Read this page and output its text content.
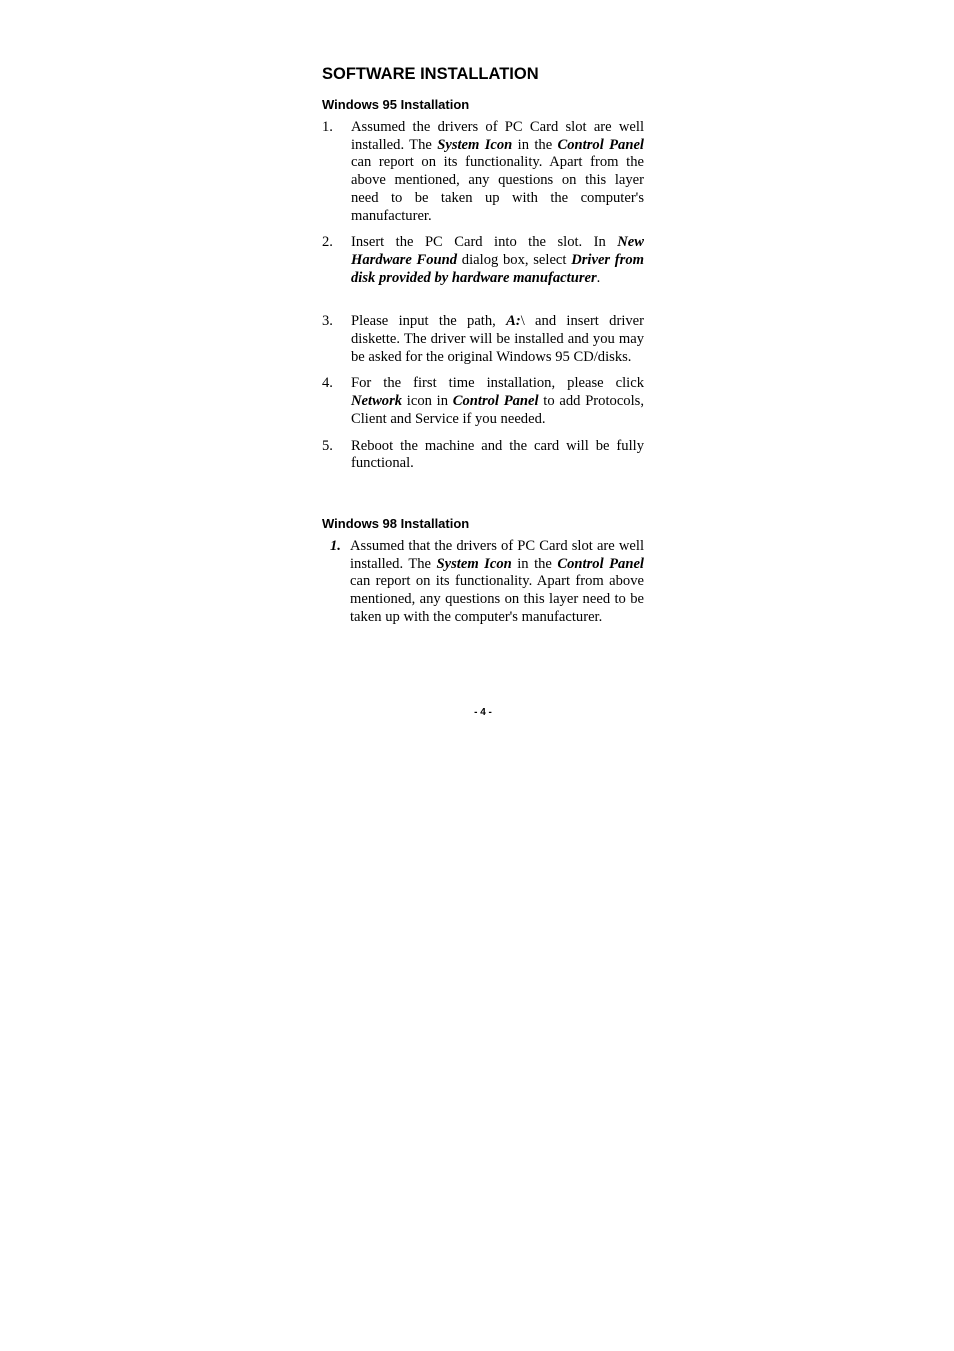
SOFTWARE INSTALLATION
Windows 95 Installation
1.	Assumed the drivers of PC Card slot are well installed. The System Icon in the Control Panel can report on its functionality. Apart from the above mentioned, any questions on this layer need to be taken up with the computer's manufacturer.
2.	Insert the PC Card into the slot. In New Hardware Found dialog box, select Driver from disk provided by hardware manufacturer.
3.	Please input the path, A:\ and insert driver diskette. The driver will be installed and you may be asked for the original Windows 95 CD/disks.
4.	For the first time installation, please click Network icon in Control Panel to add Protocols, Client and Service if you needed.
5.	Reboot the machine and the card will be fully functional.
Windows 98 Installation
1. Assumed that the drivers of PC Card slot are well installed. The System Icon in the Control Panel can report on its functionality. Apart from above mentioned, any questions on this layer need to be taken up with the computer's manufacturer.
- 4 -
